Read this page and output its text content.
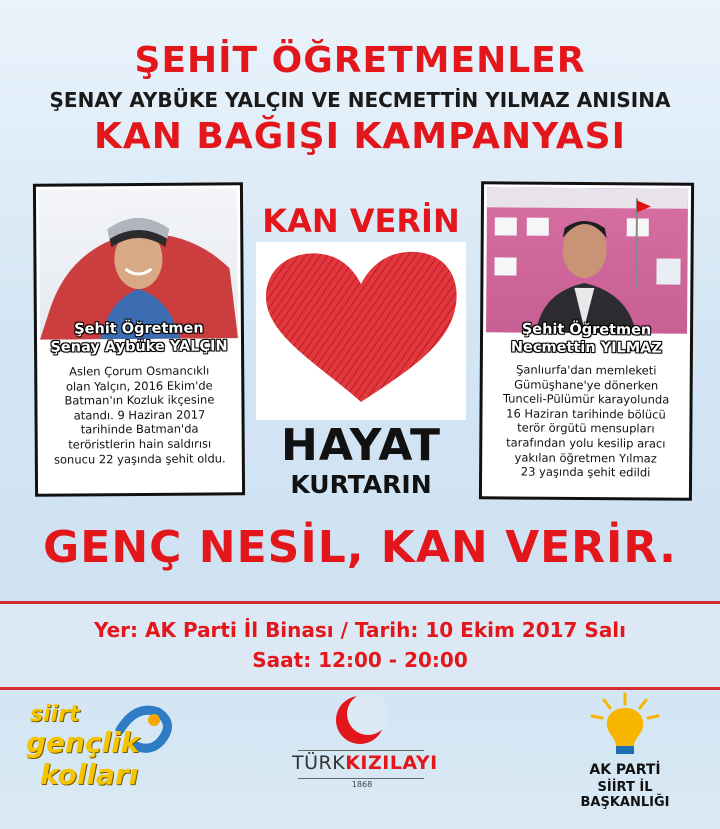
ŞEHİT ÖĞRETMENLER
ŞENAY AYBÜKE YALÇIN VE NECMETTİN YILMAZ ANISINA
KAN BAĞIŞI KAMPANYASI
Şehit Öğretmen
Şenay Aybüke YALÇIN
Aslen Çorum Osmancıklı
olan Yalçın, 2016 Ekim'de
Batman'ın Kozluk ikçesine
atandı. 9 Haziran 2017
tarihinde Batman'da
teröristlerin hain saldırısı
sonucu 22 yaşında şehit oldu.
KAN VERİN
HAYAT
KURTARIN
Şehit Öğretmen
Necmettin YILMAZ
Şanlıurfa'dan memleketi
Gümüşhane'ye dönerken
Tunceli-Pülümür karayolunda
16 Haziran tarihinde bölücü
terör örgütü mensupları
tarafından yolu kesilip aracı
yakılan öğretmen Yılmaz
23 yaşında şehit edildi
GENÇ NESİL, KAN VERİR.
Yer: AK Parti İl Binası / Tarih: 10 Ekim 2017 Salı
Saat: 12:00 - 20:00
siirt
gençlik
kolları	TÜRKKIZILAYI
1868
AK PARTİ
SİİRT İL BAŞKANLIĞI
